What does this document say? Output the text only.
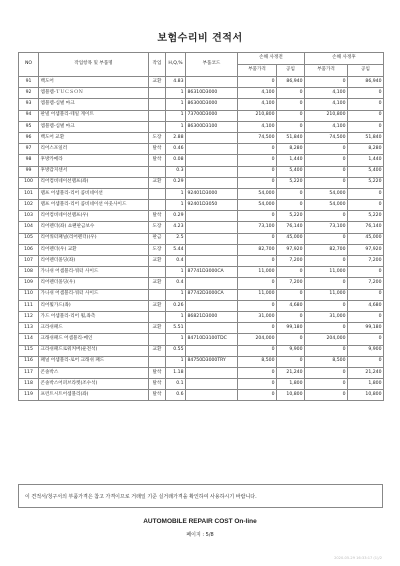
보험수리비 견적서
NO	작업항목 및 부품명	작업	H,Q,%	부품코드	손해 사정전		손해 사정후	
					부품가격	공임	부품가격	공임
91	백도어	교환	4.83		0	86,940	0	86,940
92	엠블렘-ＴＵＣＳＯＮ		1	86310D3000	4,100	0	4,100	0
93	엠블렘-심벌 마크		1	86300D3000	4,100	0	4,100	0
94	판넬 어셈블리-테일 게이트		1	73700D3000	210,800	0	210,800	0
95	엠블렘-심벌 마크		1	86300D3100	4,100	0	4,100	0
96	백도어 교환	도장	2.88		74,500	51,840	74,500	51,840
97	리어스포일러	탈착	0.46		0	8,280	0	8,280
98	후방카메라	탈착	0.08		0	1,440	0	1,440
99	후방감지센서		0.3		0	5,400	0	5,400
100	리어컴비네이션램프(좌)	교환	0.29		0	5,220	0	5,220
101	램프 어셈블리-리어 콤비네이션		1	92401D3000	54,000	0	54,000	0
102	램프 어셈블리-리어 콤비네이션 아웃사이드		1	92401D3050	54,000	0	54,000	0
103	리어컴비네이션램프(우)	탈착	0.29		0	5,220	0	5,220
104	리어펜더(좌) 쇼팬판금보수	도장	4.23		73,100	76,140	73,100	76,140
105	리어쿼터패널(리어펜더)(우)	판금	2.5		0	45,000	0	45,000
106	리어펜더(우) 교환	도장	5.44		82,700	97,920	82,700	97,920
107	리어펜더몰딩(좌)	교환	0.4		0	7,200	0	7,200
108	가니쉬 어셈블리-쿼터 사이드		1	87741D3000CA	11,000	0	11,000	0
109	리어펜더몰딩(우)	교환	0.4		0	7,200	0	7,200
110	가니쉬 어셈블리-쿼터 사이드		1	87742D3000CA	11,000	0	11,000	0
111	리어휠가드(좌)	교환	0.26		0	4,680	0	4,680
112	가드 어셈블리-리어 휠,좌측		1	86821D3000	31,000	0	31,000	0
113	크라쉬패드	교환	5.51		0	99,180	0	99,180
114	크래쉬패드 어셈블리-메인		1	84710D3100TDC	204,000	0	204,000	0
115	크라쉬패드로워커버(운전석)	교환	0.55		0	9,900	0	9,900
116	패널 어셈블리-로어 크래쉬 패드		1	84750D3000TRY	8,500	0	8,500	0
117	콘솔박스	탈착	1.18		0	21,240	0	21,240
118	콘솔박스어퍼브라켓(조수석)	탈착	0.1		0	1,800	0	1,800
119	프런트시트어셈블리(좌)	탈착	0.6		0	10,800	0	10,800
이 견적서/청구서의 부품가격은 참고 가격이므로 거래일 기준 실거래가격을 확인하여 사용하시기 바랍니다.
AUTOMOBILE REPAIR COST On-line
페이지 : 5/8
2020-05-29 16:33:17 (1)/2
